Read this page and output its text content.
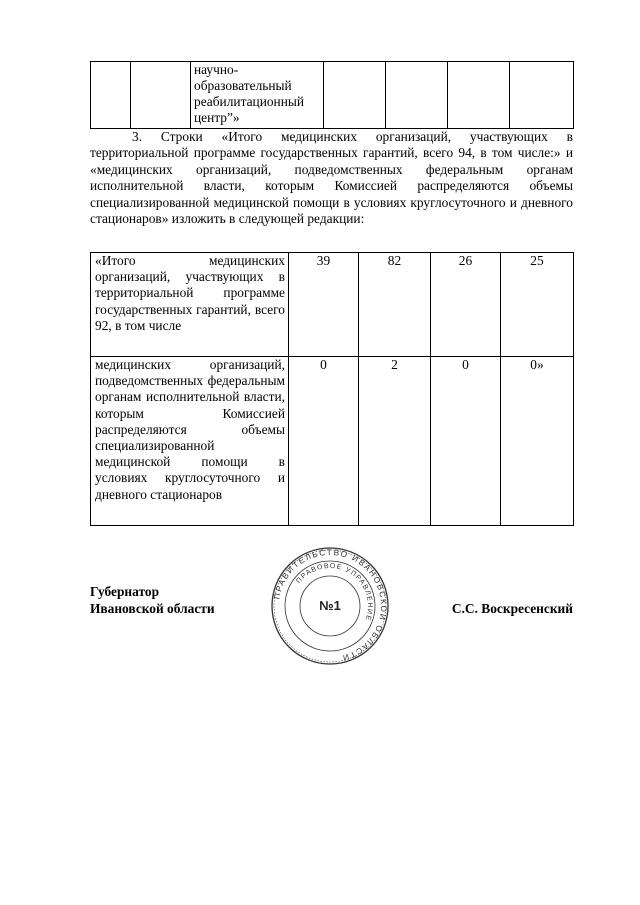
		научно-
образовательный
реабилитационный
центр”»				

3. Строки «Итого медицинских организаций, участвующих в территориальной программе государственных гарантий, всего 94, в том числе:» и «медицинских организаций, подведомственных федеральным органам исполнительной власти, которым Комиссией распределяются объемы специализированной медицинской помощи в условиях круглосуточного и дневного стационаров» изложить в следующей редакции:

«Итого медицинских организаций, участвующих в территориальной программе государственных гарантий, всего 92, в том числе	39	82	26	25
медицинских организаций, подведомственных федеральным органам исполнительной власти, которым Комиссией распределяются объемы специализированной медицинской помощи в условиях круглосуточного и дневного стационаров	0	2	0	0»

Губернатор
Ивановской области

ПРАВИТЕЛЬСТВО ИВАНОВСКОЙ ОБЛАСТИ
ПРАВОВОЕ УПРАВЛЕНИЕ
№1	С.С. Воскресенский
